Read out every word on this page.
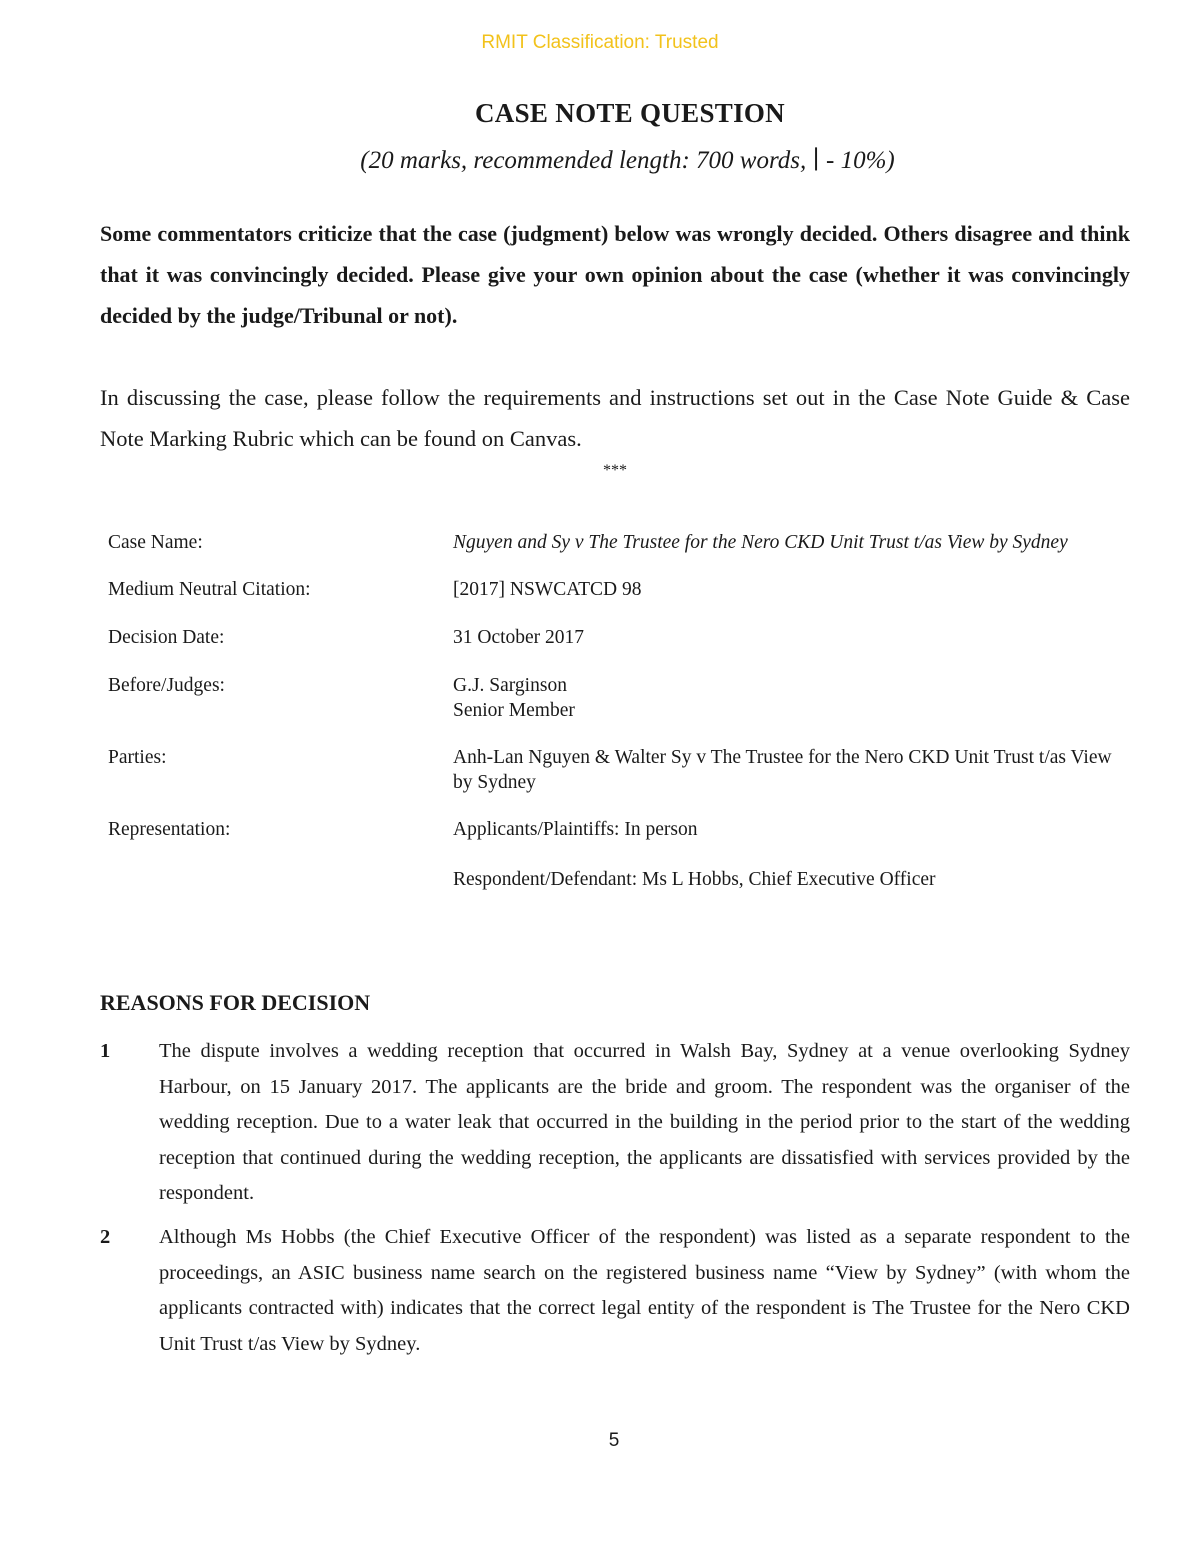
RMIT Classification: Trusted
CASE NOTE QUESTION
(20 marks, recommended length: 700 words, ∣ - 10%)
Some commentators criticize that the case (judgment) below was wrongly decided. Others disagree and think that it was convincingly decided. Please give your own opinion about the case (whether it was convincingly decided by the judge/Tribunal or not).
In discussing the case, please follow the requirements and instructions set out in the Case Note Guide & Case Note Marking Rubric which can be found on Canvas.
***
Case Name:	Nguyen and Sy v The Trustee for the Nero CKD Unit Trust t/as View by Sydney
Medium Neutral Citation:	[2017] NSWCATCD 98
Decision Date:	31 October 2017
Before/Judges:	G.J. Sarginson
Senior Member

Parties:	Anh-Lan Nguyen & Walter Sy v The Trustee for the Nero CKD Unit Trust t/as View by Sydney
Representation:	Applicants/Plaintiffs: In person
	Respondent/Defendant: Ms L Hobbs, Chief Executive Officer
REASONS FOR DECISION
1 The dispute involves a wedding reception that occurred in Walsh Bay, Sydney at a venue overlooking Sydney Harbour, on 15 January 2017. The applicants are the bride and groom. The respondent was the organiser of the wedding reception. Due to a water leak that occurred in the building in the period prior to the start of the wedding reception that continued during the wedding reception, the applicants are dissatisfied with services provided by the respondent.
2 Although Ms Hobbs (the Chief Executive Officer of the respondent) was listed as a separate respondent to the proceedings, an ASIC business name search on the registered business name “View by Sydney” (with whom the applicants contracted with) indicates that the correct legal entity of the respondent is The Trustee for the Nero CKD Unit Trust t/as View by Sydney.
5
